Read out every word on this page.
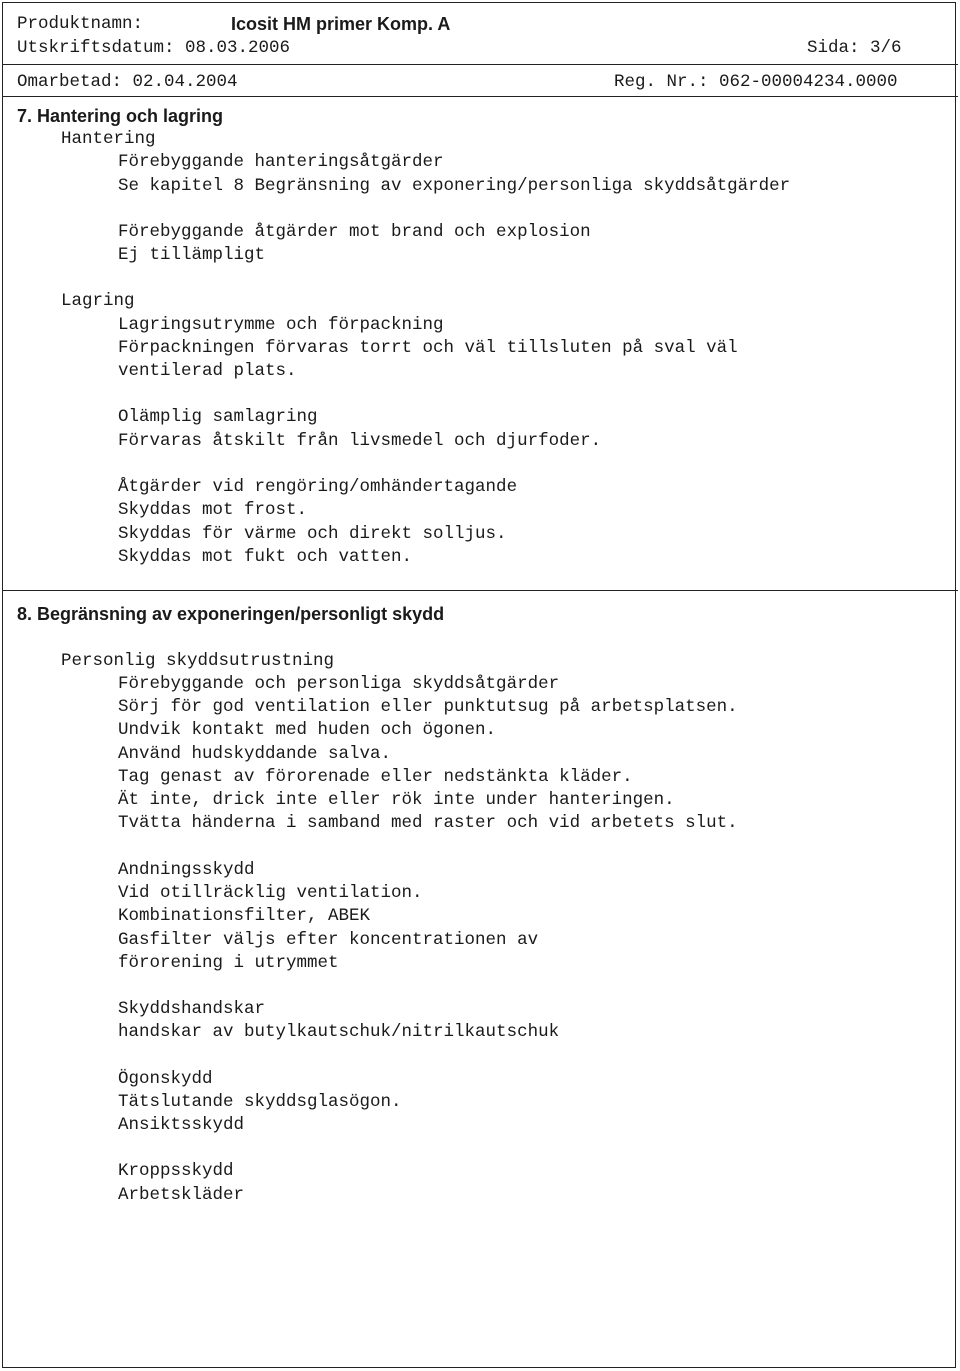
Produktnamn:	Icosit HM primer Komp. A
Utskriftsdatum: 08.03.2006	Sida: 3/6
Omarbetad: 02.04.2004	Reg. Nr.: 062-00004234.0000
7. Hantering och lagring
Hantering
Förebyggande hanteringsåtgärder
Se kapitel 8 Begränsning av exponering/personliga skyddsåtgärder
Förebyggande åtgärder mot brand och explosion
Ej tillämpligt
Lagring
Lagringsutrymme och förpackning
Förpackningen förvaras torrt och väl tillsluten på sval väl
ventilerad plats.
Olämplig samlagring
Förvaras åtskilt från livsmedel och djurfoder.
Åtgärder vid rengöring/omhändertagande
Skyddas mot frost.
Skyddas för värme och direkt solljus.
Skyddas mot fukt och vatten.
8. Begränsning av exponeringen/personligt skydd
Personlig skyddsutrustning
Förebyggande och personliga skyddsåtgärder
Sörj för god ventilation eller punktutsug på arbetsplatsen.
Undvik kontakt med huden och ögonen.
Använd hudskyddande salva.
Tag genast av förorenade eller nedstänkta kläder.
Ät inte, drick inte eller rök inte under hanteringen.
Tvätta händerna i samband med raster och vid arbetets slut.
Andningsskydd
Vid otillräcklig ventilation.
Kombinationsfilter, ABEK
Gasfilter väljs efter koncentrationen av
förorening i utrymmet
Skyddshandskar
handskar av butylkautschuk/nitrilkautschuk
Ögonskydd
Tätslutande skyddsglasögon.
Ansiktsskydd
Kroppsskydd
Arbetskläder
